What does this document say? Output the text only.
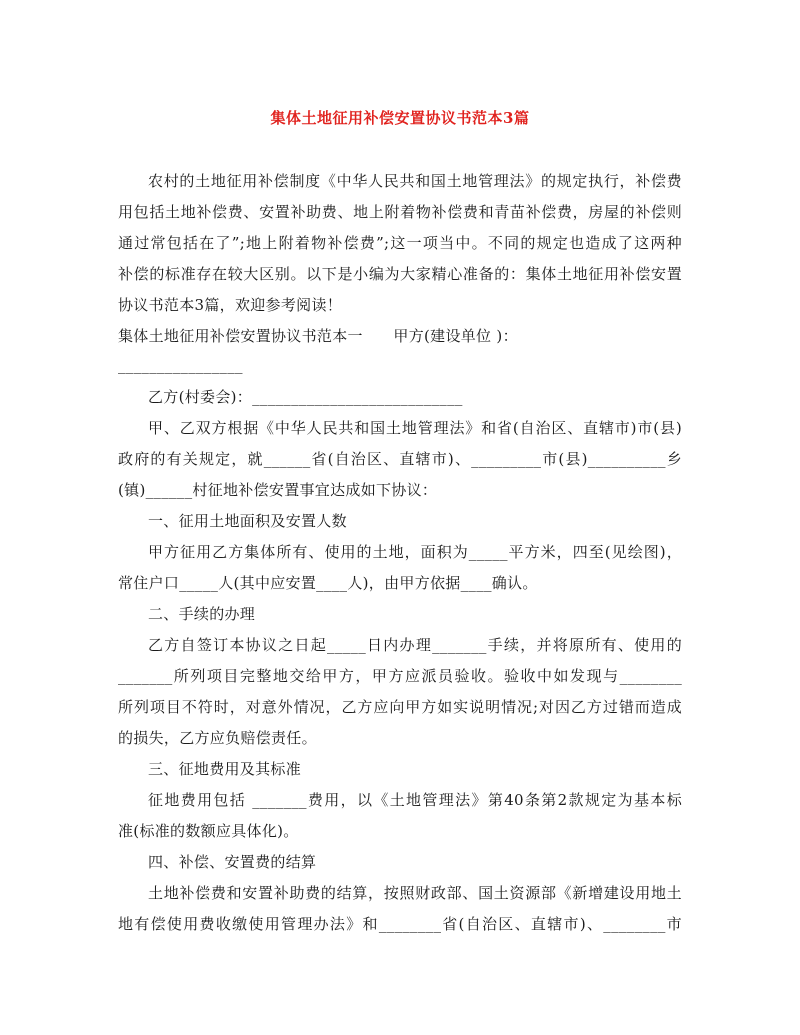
集体土地征用补偿安置协议书范本3篇
农村的土地征用补偿制度《中华人民共和国土地管理法》的规定执行，补偿费
用包括土地补偿费、安置补助费、地上附着物补偿费和青苗补偿费，房屋的补偿则
通过常包括在了”;地上附着物补偿费”;这一项当中。不同的规定也造成了这两种
补偿的标准存在较大区别。以下是小编为大家精心准备的：集体土地征用补偿安置
协议书范本3篇，欢迎参考阅读！
集体土地征用补偿安置协议书范本一　　甲方(建设单位 )：
________________
乙方(村委会)：___________________________
甲、乙双方根据《中华人民共和国土地管理法》和省(自治区、直辖市)市(县)
政府的有关规定，就______省(自治区、直辖市)、_________市(县)__________乡
(镇)______村征地补偿安置事宜达成如下协议：
一、征用土地面积及安置人数
甲方征用乙方集体所有、使用的土地，面积为_____平方米，四至(见绘图)，
常住户口_____人(其中应安置____人)，由甲方依据____确认。
二、手续的办理
乙方自签订本协议之日起_____日内办理_______手续，并将原所有、使用的
_______所列项目完整地交给甲方，甲方应派员验收。验收中如发现与________
所列项目不符时，对意外情况，乙方应向甲方如实说明情况;对因乙方过错而造成
的损失，乙方应负赔偿责任。
三、征地费用及其标准
征地费用包括 _______费用，以《土地管理法》第40条第2款规定为基本标
准(标准的数额应具体化)。
四、补偿、安置费的结算
土地补偿费和安置补助费的结算，按照财政部、国土资源部《新增建设用地土
地有偿使用费收缴使用管理办法》和________省(自治区、直辖市)、________市
